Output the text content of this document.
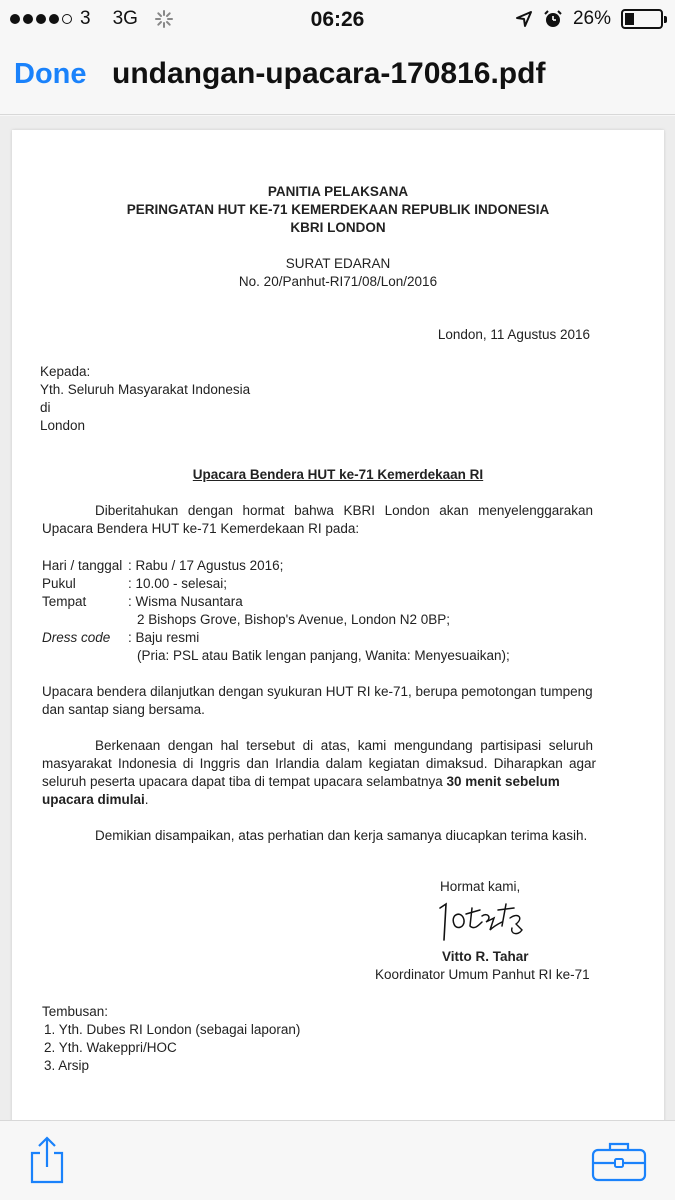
3 3G	06:26	26%
Done undangan-upacara-170816.pdf
PANITIA PELAKSANA
PERINGATAN HUT KE-71 KEMERDEKAAN REPUBLIK INDONESIA
KBRI LONDON
SURAT EDARAN
No. 20/Panhut-RI71/08/Lon/2016
London, 11 Agustus 2016
Kepada:
Yth. Seluruh Masyarakat Indonesia
di
London
Upacara Bendera HUT ke-71 Kemerdekaan RI
Diberitahukan dengan hormat bahwa KBRI London akan menyelenggarakan
Upacara Bendera HUT ke-71 Kemerdekaan RI pada:
Hari / tanggal : Rabu / 17 Agustus 2016;
Pukul	: 10.00 - selesai;
Tempat	: Wisma Nusantara
2 Bishops Grove, Bishop's Avenue, London N2 0BP;
Dress code : Baju resmi
(Pria: PSL atau Batik lengan panjang, Wanita: Menyesuaikan);
Upacara bendera dilanjutkan dengan syukuran HUT RI ke-71, berupa pemotongan tumpeng
dan santap siang bersama.
Berkenaan dengan hal tersebut di atas, kami mengundang partisipasi seluruh
masyarakat Indonesia di Inggris dan Irlandia dalam kegiatan dimaksud. Diharapkan agar
seluruh peserta upacara dapat tiba di tempat upacara selambatnya 30 menit sebelum
upacara dimulai.
Demikian disampaikan, atas perhatian dan kerja samanya diucapkan terima kasih.
Hormat kami,
Vitto R. Tahar
Koordinator Umum Panhut RI ke-71
Tembusan:
1. Yth. Dubes RI London (sebagai laporan)
2. Yth. Wakeppri/HOC
3. Arsip
